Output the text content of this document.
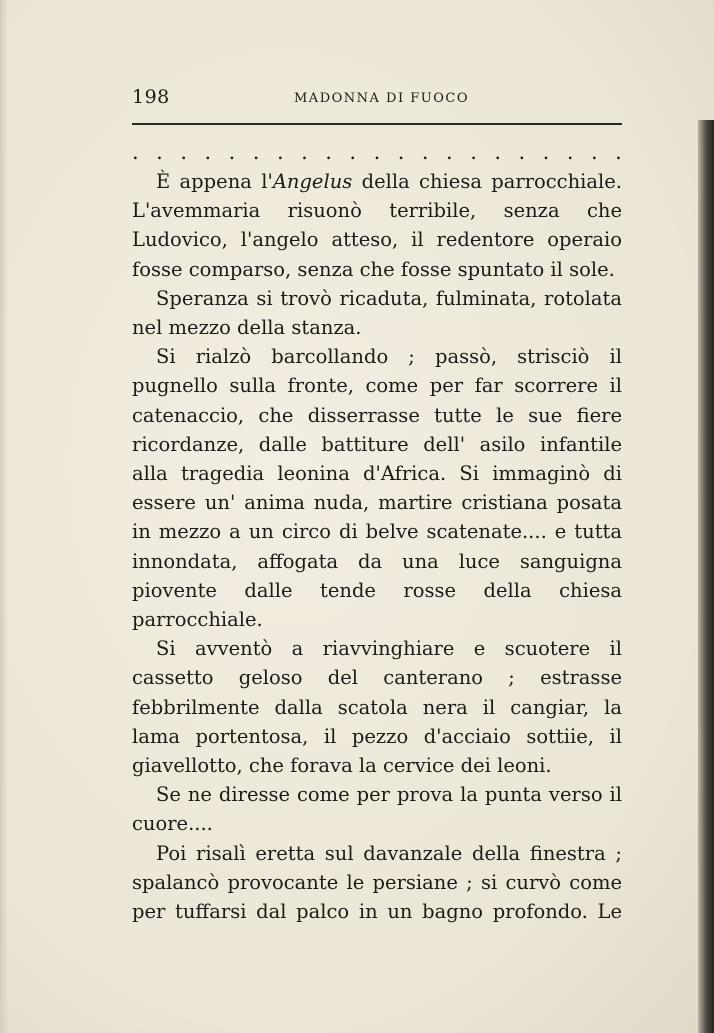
198	MADONNA DI FUOCO
. . . . . . . . . . . . . . . . . . . . .

È appena l'Angelus della chiesa parrocchiale. L'avemmaria risuonò terribile, senza che Ludovico, l'angelo atteso, il redentore operaio fosse comparso, senza che fosse spuntato il sole.

Speranza si trovò ricaduta, fulminata, rotolata nel mezzo della stanza.

Si rialzò barcollando ; passò, strisciò il pugnello sulla fronte, come per far scorrere il catenaccio, che disserrasse tutte le sue fiere ricordanze, dalle battiture dell' asilo infantile alla tragedia leonina d'Africa. Si immaginò di essere un' anima nuda, martire cristiana posata in mezzo a un circo di belve scatenate.... e tutta innondata, affogata da una luce sanguigna piovente dalle tende rosse della chiesa parrocchiale.

Si avventò a riavvinghiare e scuotere il cassetto geloso del canterano ; estrasse febbrilmente dalla scatola nera il cangiar, la lama portentosa, il pezzo d'acciaio sottiie, il giavellotto, che forava la cervice dei leoni.

Se ne diresse come per prova la punta verso il cuore....

Poi risalì eretta sul davanzale della finestra ; spalancò provocante le persiane ; si curvò come per tuffarsi dal palco in un bagno profondo. Le
